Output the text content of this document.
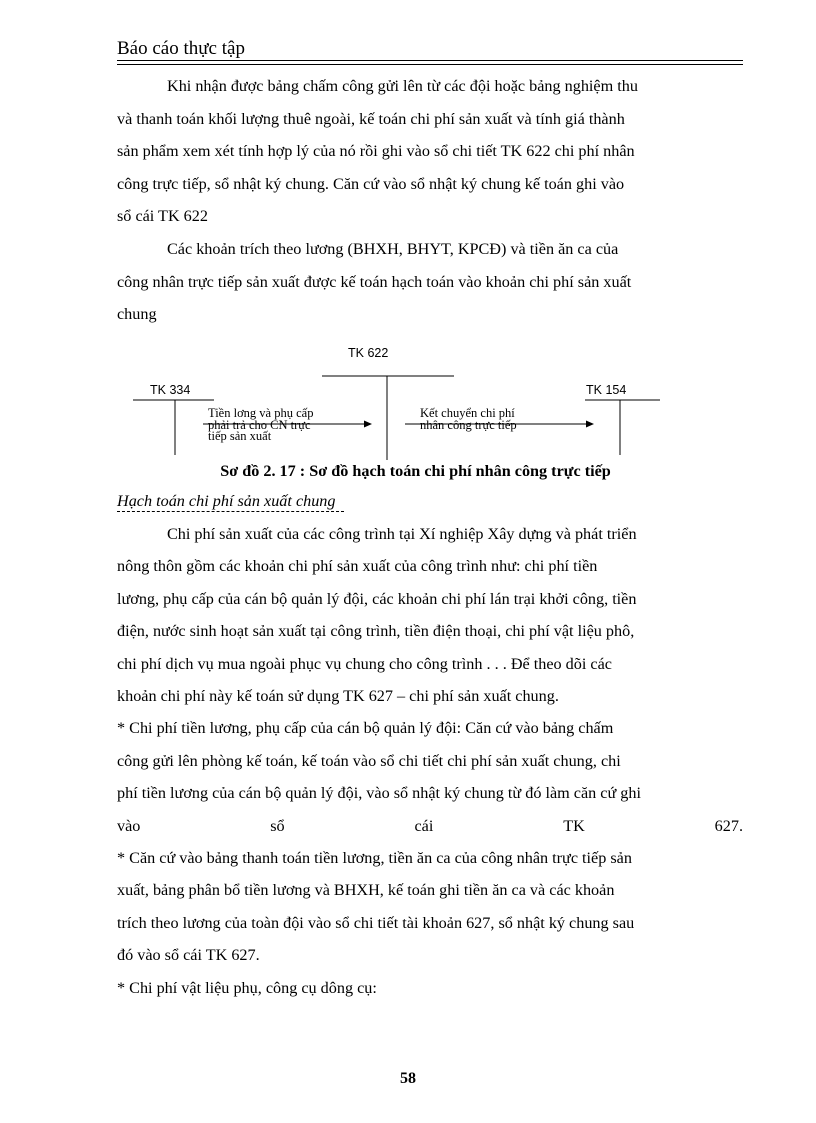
Báo cáo thực tập

Khi nhận được bảng chấm công gửi lên từ các đội hoặc bảng nghiệm thu
và thanh toán khối lượng thuê ngoài, kế toán chi phí sản xuất và tính giá thành
sản phẩm xem xét tính hợp lý của nó rồi ghi vào sổ chi tiết TK 622 chi phí nhân
công trực tiếp, sổ nhật ký chung. Căn cứ vào sổ nhật ký chung kế toán ghi vào
sổ cái TK 622

Các khoản trích theo lương (BHXH, BHYT, KPCĐ) và tiền ăn ca của
công nhân trực tiếp sản xuất được kế toán hạch toán vào khoản chi phí sản xuất
chung

TK 622
TK 334	TK 154
Tiền lơng và phụ cấp
phải trả cho CN trực
tiếp sản xuất
Kết chuyển chi phí
nhân công trực tiếp
Sơ đồ 2. 17 : Sơ đồ hạch toán chi phí nhân công trực tiếp
Hạch toán chi phí sản xuất chung
Chi phí sản xuất của các công trình tại Xí nghiệp Xây dựng và phát triển
nông thôn gồm các khoản chi phí sản xuất của công trình như: chi phí tiền
lương, phụ cấp của cán bộ quản lý đội, các khoản chi phí lán trại khởi công, tiền
điện, nước sinh hoạt sản xuất tại công trình, tiền điện thoại, chi phí vật liệu phô,
chi phí dịch vụ mua ngoài phục vụ chung cho công trình . . . Để theo dõi các
khoản chi phí này kế toán sử dụng TK 627 – chi phí sản xuất chung.
* Chi phí tiền lương, phụ cấp của cán bộ quản lý đội: Căn cứ vào bảng chấm
công gửi lên phòng kế toán, kế toán vào sổ chi tiết chi phí sản xuất chung, chi
phí tiền lương của cán bộ quản lý đội, vào sổ nhật ký chung từ đó làm căn cứ ghi
vào	sổ	cái	TK	627.
* Căn cứ vào bảng thanh toán tiền lương, tiền ăn ca của công nhân trực tiếp sản
xuất, bảng phân bổ tiền lương và BHXH, kế toán ghi tiền ăn ca và các khoản
trích theo lương của toàn đội vào sổ chi tiết tài khoản 627, sổ nhật ký chung sau
đó vào sổ cái TK 627.
* Chi phí vật liệu phụ, công cụ dông cụ:
58
